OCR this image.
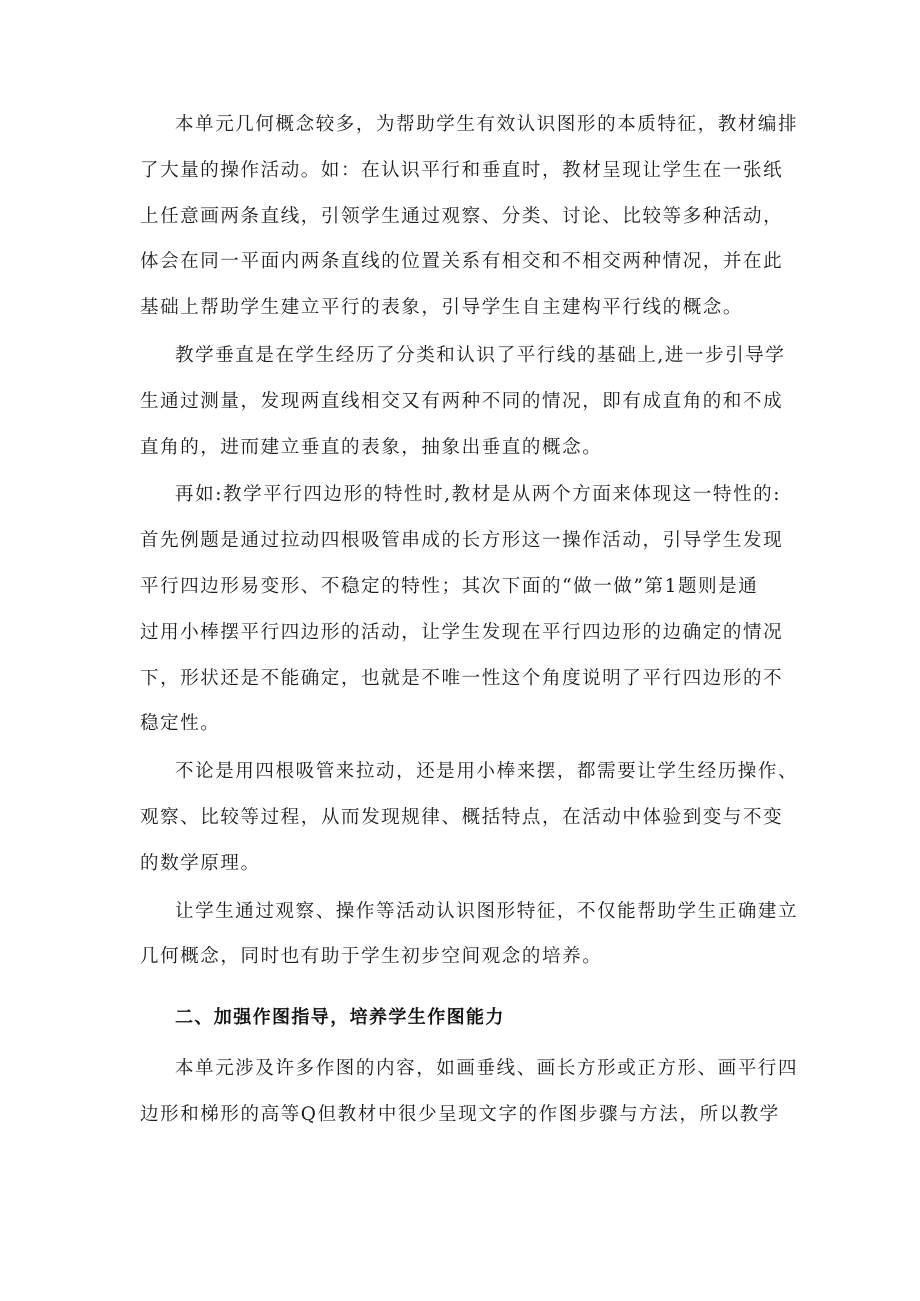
本单元几何概念较多，为帮助学生有效认识图形的本质特征，教材编排
了大量的操作活动。如：在认识平行和垂直时，教材呈现让学生在一张纸
上任意画两条直线，引领学生通过观察、分类、讨论、比较等多种活动，
体会在同一平面内两条直线的位置关系有相交和不相交两种情况，并在此
基础上帮助学生建立平行的表象，引导学生自主建构平行线的概念。
教学垂直是在学生经历了分类和认识了平行线的基础上,进一步引导学
生通过测量，发现两直线相交又有两种不同的情况，即有成直角的和不成
直角的，进而建立垂直的表象，抽象出垂直的概念。
再如:教学平行四边形的特性时,教材是从两个方面来体现这一特性的:
首先例题是通过拉动四根吸管串成的长方形这一操作活动，引导学生发现
平行四边形易变形、不稳定的特性；其次下面的“做一做”第1题则是通
过用小棒摆平行四边形的活动，让学生发现在平行四边形的边确定的情况
下，形状还是不能确定，也就是不唯一性这个角度说明了平行四边形的不
稳定性。
不论是用四根吸管来拉动，还是用小棒来摆，都需要让学生经历操作、
观察、比较等过程，从而发现规律、概括特点，在活动中体验到变与不变
的数学原理。
让学生通过观察、操作等活动认识图形特征，不仅能帮助学生正确建立
几何概念，同时也有助于学生初步空间观念的培养。
二、加强作图指导，培养学生作图能力
本单元涉及许多作图的内容，如画垂线、画长方形或正方形、画平行四
边形和梯形的高等Q但教材中很少呈现文字的作图步骤与方法，所以教学
